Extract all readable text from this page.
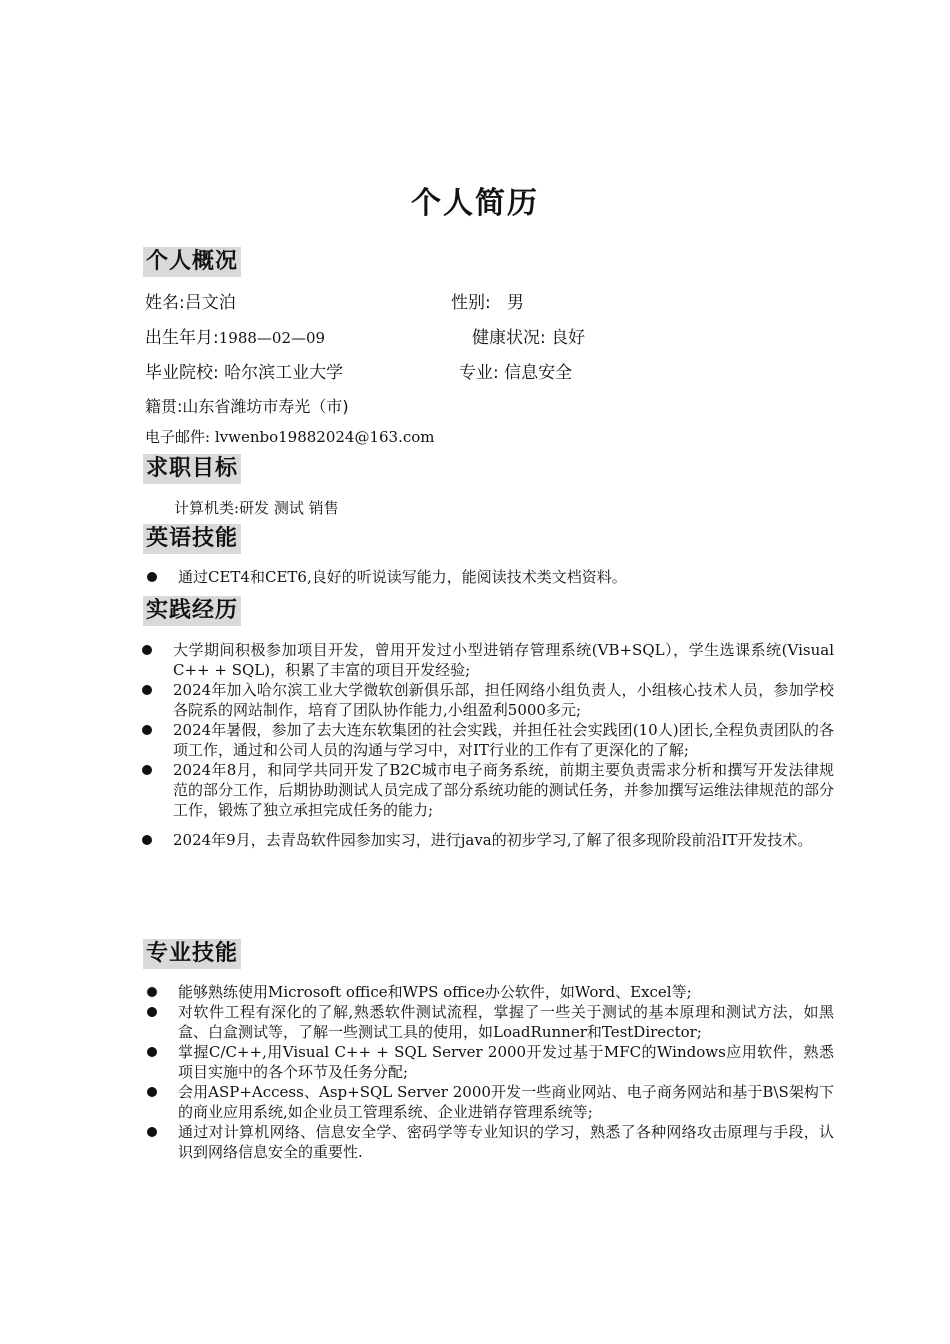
个人简历
个人概况
姓名:吕文泊	性别: 男
出生年月:1988—02—09	健康状况: 良好
毕业院校: 哈尔滨工业大学	专业: 信息安全
籍贯:山东省潍坊市寿光（市)
电子邮件: lvwenbo19882024@163.com
求职目标
计算机类:研发 测试 销售
英语技能
通过CET4和CET6,良好的听说读写能力，能阅读技术类文档资料。
实践经历
大学期间积极参加项目开发，曾用开发过小型进销存管理系统(VB+SQL），学生选课系统(Visual C++ + SQL)，积累了丰富的项目开发经验;
2024年加入哈尔滨工业大学微软创新俱乐部，担任网络小组负责人，小组核心技术人员，参加学校各院系的网站制作，培育了团队协作能力,小组盈利5000多元;
2024年暑假，参加了去大连东软集团的社会实践，并担任社会实践团(10人)团长,全程负责团队的各项工作，通过和公司人员的沟通与学习中，对IT行业的工作有了更深化的了解;
2024年8月，和同学共同开发了B2C城市电子商务系统，前期主要负责需求分析和撰写开发法律规范的部分工作，后期协助测试人员完成了部分系统功能的测试任务，并参加撰写运维法律规范的部分工作，锻炼了独立承担完成任务的能力;
2024年9月，去青岛软件园参加实习，进行java的初步学习,了解了很多现阶段前沿IT开发技术。
专业技能
能够熟练使用Microsoft office和WPS office办公软件，如Word、Excel等;
对软件工程有深化的了解,熟悉软件测试流程，掌握了一些关于测试的基本原理和测试方法，如黑盒、白盒测试等，了解一些测试工具的使用，如LoadRunner和TestDirector;
掌握C/C++,用Visual C++ + SQL Server 2000开发过基于MFC的Windows应用软件，熟悉项目实施中的各个环节及任务分配;
会用ASP+Access、Asp+SQL Server 2000开发一些商业网站、电子商务网站和基于B\S架构下的商业应用系统,如企业员工管理系统、企业进销存管理系统等;
通过对计算机网络、信息安全学、密码学等专业知识的学习，熟悉了各种网络攻击原理与手段，认识到网络信息安全的重要性.
